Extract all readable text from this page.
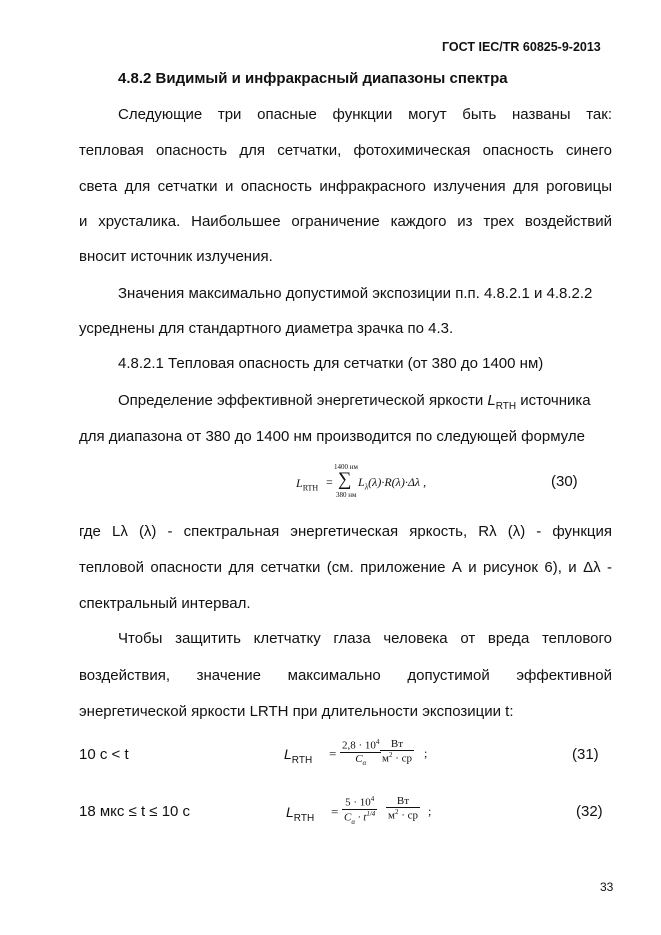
ГОСТ IEC/TR 60825-9-2013
4.8.2 Видимый и инфракрасный диапазоны спектра
Следующие три опасные функции могут быть названы так:
тепловая опасность для сетчатки, фотохимическая опасность синего
света для сетчатки и опасность инфракрасного излучения для роговицы
и хрусталика. Наибольшее ограничение каждого из трех воздействий
вносит источник излучения.
Значения максимально допустимой экспозиции п.п. 4.8.2.1 и 4.8.2.2
усреднены для стандартного диаметра зрачка по 4.3.
4.8.2.1 Тепловая опасность для сетчатки (от 380 до 1400 нм)
Определение эффективной энергетической яркости $L_{RTH}$ источника
для диапазона от 380 до 1400 нм производится по следующей формуле
$L_{RTH}$ =
1400 нм
∑
380 нм
$L_\lambda(\lambda)\cdot R(\lambda)\cdot\Delta\lambda$ ,	(30)
где Lλ (λ) - спектральная энергетическая яркость, Rλ (λ) - функция
тепловой опасности для сетчатки (см. приложение А и рисунок 6), и Δλ -
спектральный интервал.
Чтобы защитить клетчатку глаза человека от вреда теплового
воздействия, значение максимально допустимой эффективной
энергетической яркости LRTH при длительности экспозиции t:
10 с < t	$L_{RTH} = \frac{2,8 \cdot 10^4}{C_\alpha}$ Вт
$м^2$ · ср ;	(31)
18 мкс ≤ t ≤ 10 с	$L_{RTH} = \frac{5 \cdot 10^4}{C_\alpha \cdot t^{1/4}}$	Вт
$м^2$ · ср ;	(32)
33
